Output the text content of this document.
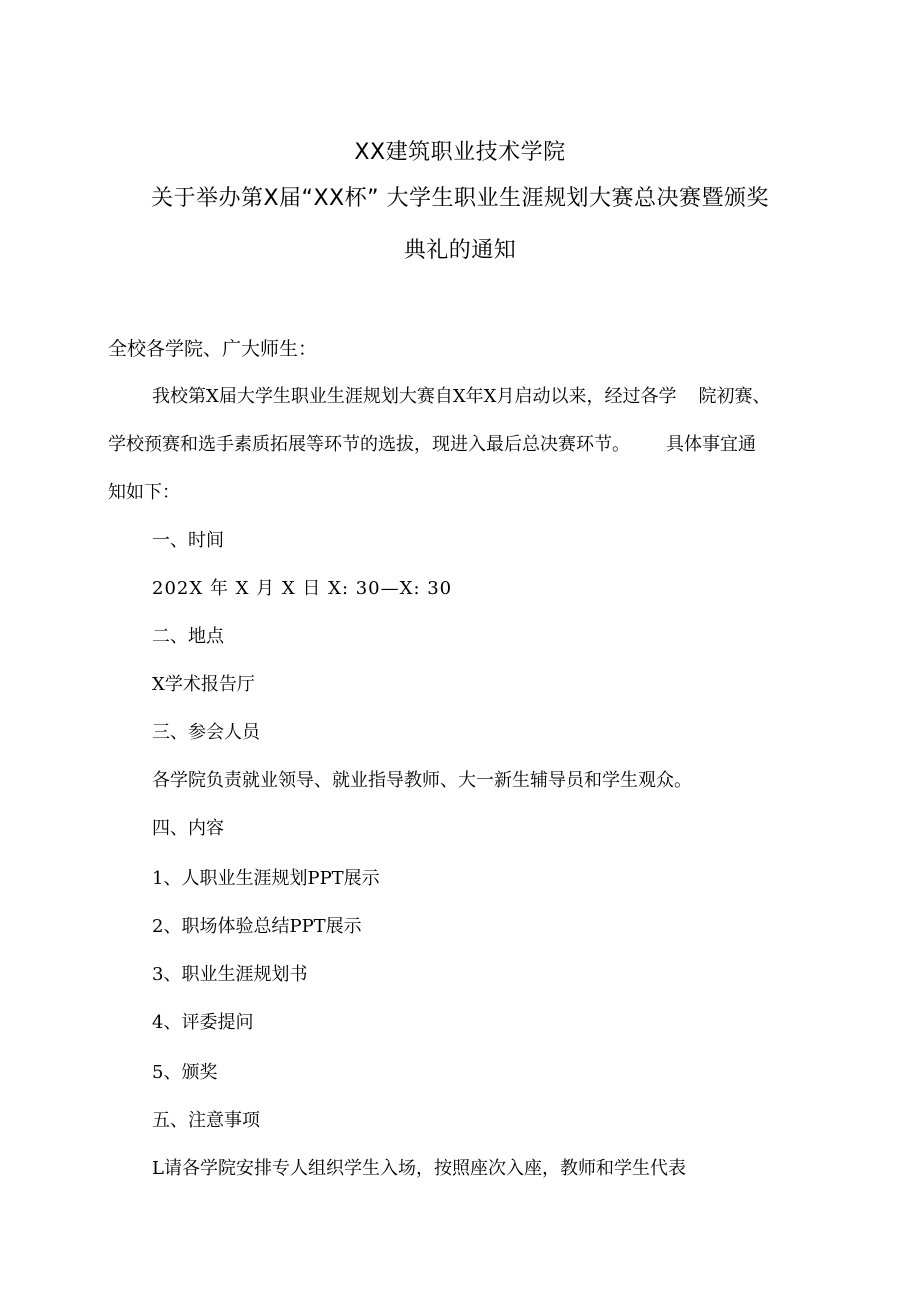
XX建筑职业技术学院
关于举办第X届“XX杯” 大学生职业生涯规划大赛总决赛暨颁奖
典礼的通知
全校各学院、广大师生：
我校第X届大学生职业生涯规划大赛自X年X月启动以来，经过各学 院初赛、
学校预赛和选手素质拓展等环节的选拔，现进入最后总决赛环节。 具体事宜通
知如下：
一、时间
202X 年 X 月 X 日 X: 30—X: 30
二、地点
X学术报告厅
三、参会人员
各学院负责就业领导、就业指导教师、大一新生辅导员和学生观众。
四、内容
1、人职业生涯规划PPT展示
2、职场体验总结PPT展示
3、职业生涯规划书
4、评委提问
5、颁奖
五、注意事项
L请各学院安排专人组织学生入场，按照座次入座，教师和学生代表
